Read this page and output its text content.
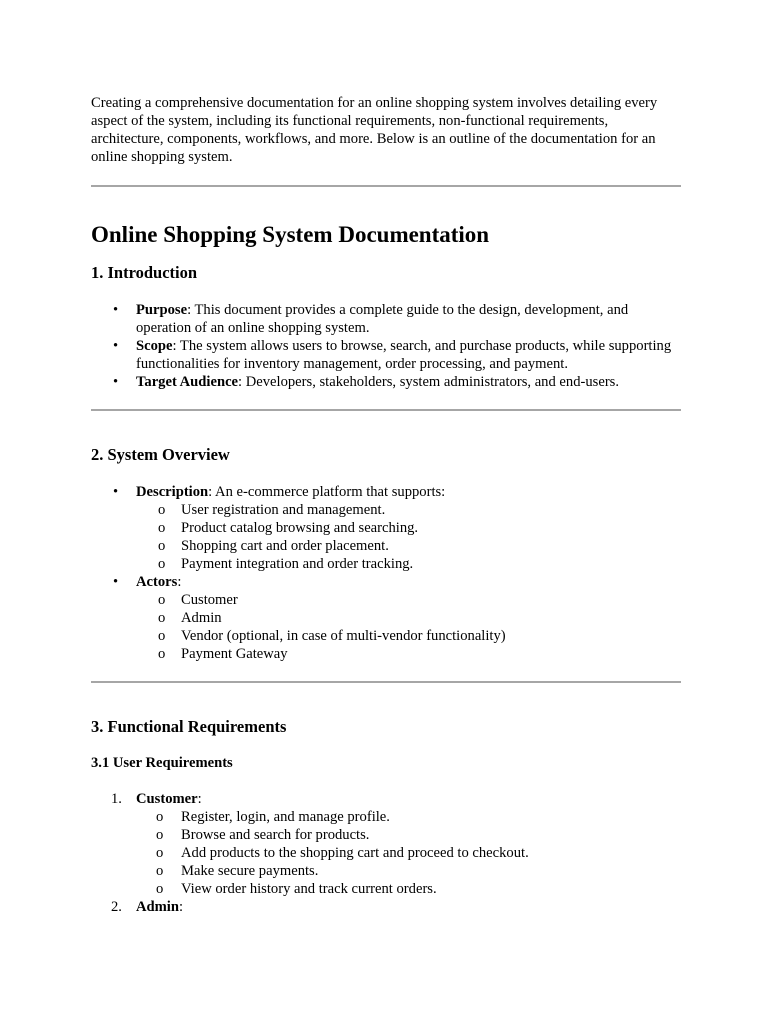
Creating a comprehensive documentation for an online shopping system involves detailing every aspect of the system, including its functional requirements, non-functional requirements, architecture, components, workflows, and more. Below is an outline of the documentation for an online shopping system.

Online Shopping System Documentation
1. Introduction
• Purpose: This document provides a complete guide to the design, development, and operation of an online shopping system.
• Scope: The system allows users to browse, search, and purchase products, while supporting functionalities for inventory management, order processing, and payment.
• Target Audience: Developers, stakeholders, system administrators, and end-users.
2. System Overview
• Description: An e-commerce platform that supports:
o User registration and management.
o Product catalog browsing and searching.
o Shopping cart and order placement.
o Payment integration and order tracking.
• Actors:
o Customer
o Admin
o Vendor (optional, in case of multi-vendor functionality)
o Payment Gateway
3. Functional Requirements
3.1 User Requirements
1. Customer:
o Register, login, and manage profile.
o Browse and search for products.
o Add products to the shopping cart and proceed to checkout.
o Make secure payments.
o View order history and track current orders.
2. Admin:
